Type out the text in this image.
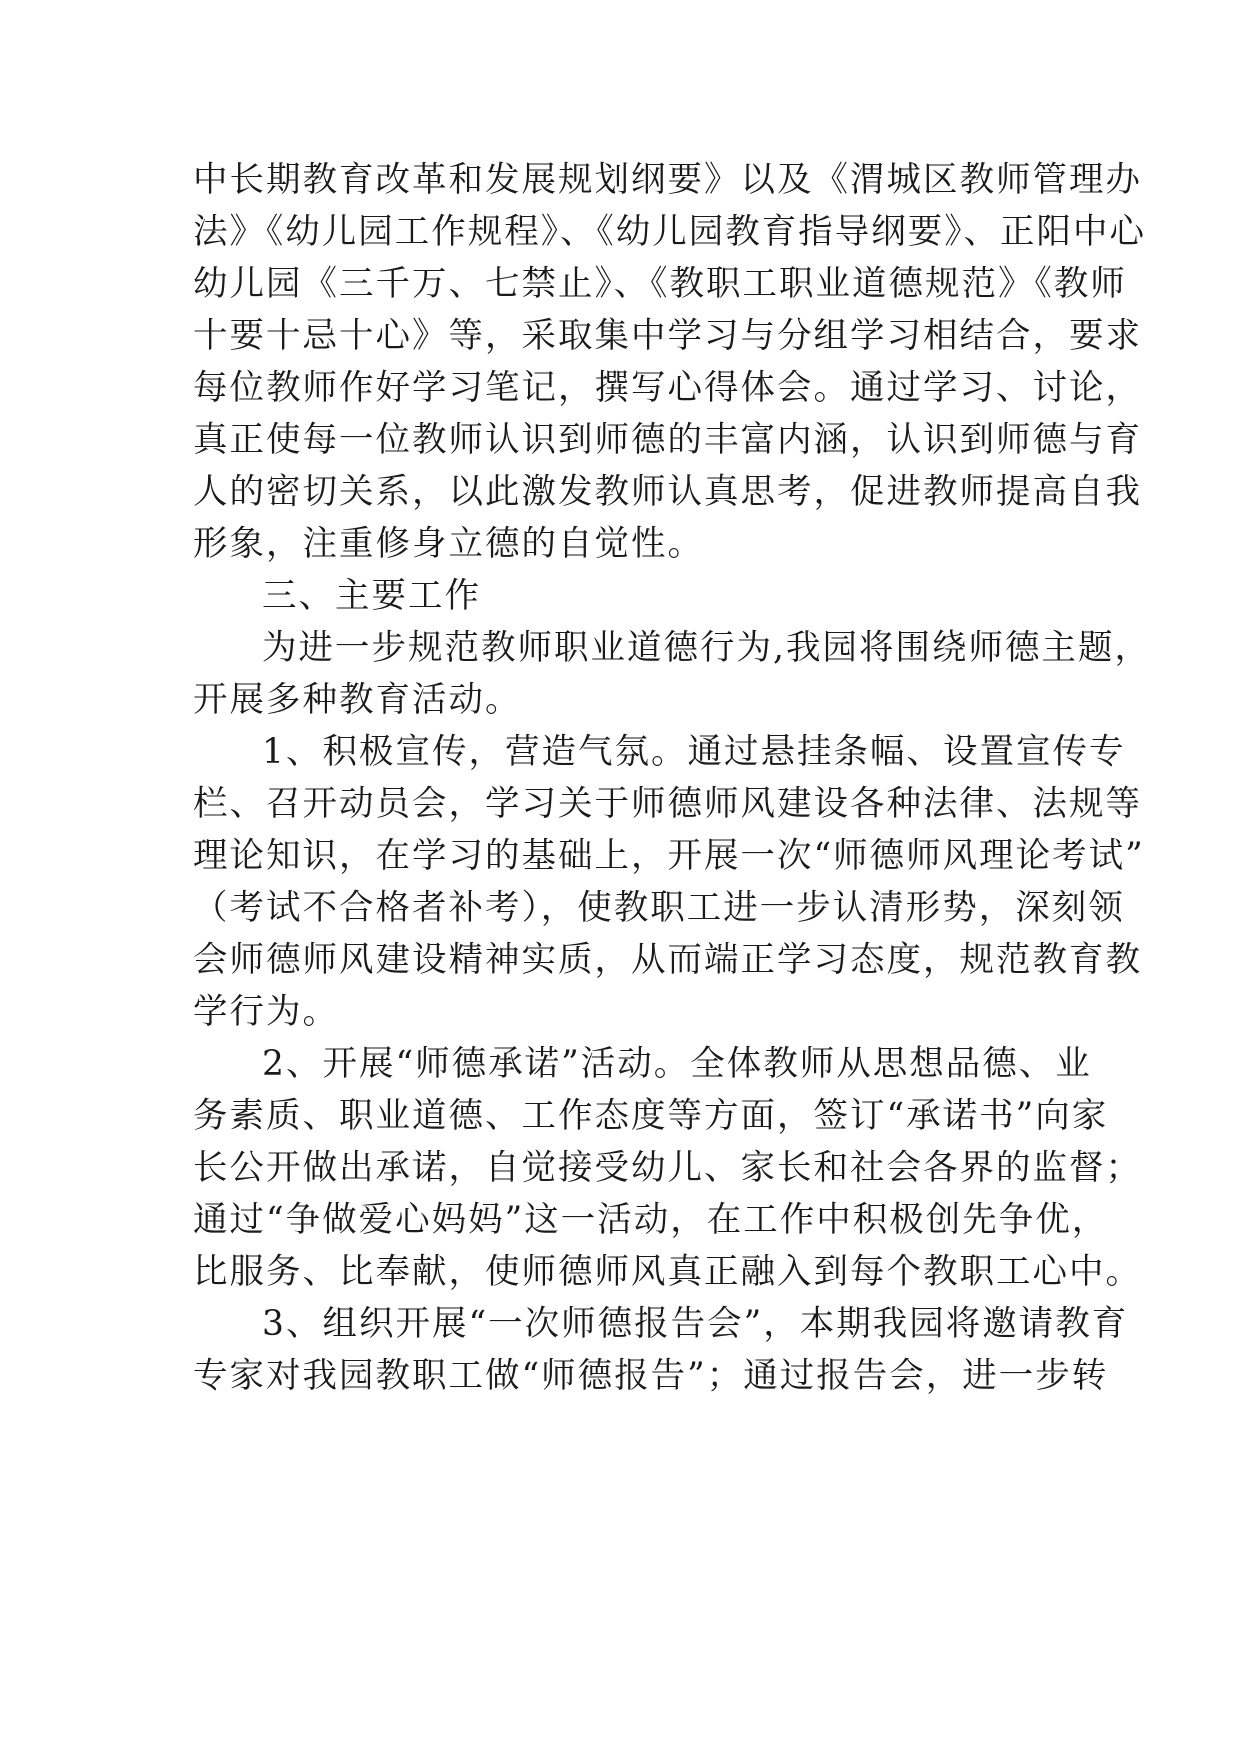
中长期教育改革和发展规划纲要》以及《渭城区教师管理办
法》《幼儿园工作规程》、《幼儿园教育指导纲要》、正阳中心
幼儿园《三千万、七禁止》、《教职工职业道德规范》《教师
十要十忌十心》等，采取集中学习与分组学习相结合，要求
每位教师作好学习笔记，撰写心得体会。通过学习、讨论，
真正使每一位教师认识到师德的丰富内涵，认识到师德与育
人的密切关系，以此激发教师认真思考，促进教师提高自我
形象，注重修身立德的自觉性。
三、主要工作
为进一步规范教师职业道德行为,我园将围绕师德主题，
开展多种教育活动。
1、积极宣传，营造气氛。通过悬挂条幅、设置宣传专
栏、召开动员会，学习关于师德师风建设各种法律、法规等
理论知识，在学习的基础上，开展一次“师德师风理论考试”
（考试不合格者补考），使教职工进一步认清形势，深刻领
会师德师风建设精神实质，从而端正学习态度，规范教育教
学行为。
2、开展“师德承诺”活动。全体教师从思想品德、业
务素质、职业道德、工作态度等方面，签订“承诺书”向家
长公开做出承诺，自觉接受幼儿、家长和社会各界的监督；
通过“争做爱心妈妈”这一活动，在工作中积极创先争优，
比服务、比奉献，使师德师风真正融入到每个教职工心中。
3、组织开展“一次师德报告会”，本期我园将邀请教育
专家对我园教职工做“师德报告”；通过报告会，进一步转
